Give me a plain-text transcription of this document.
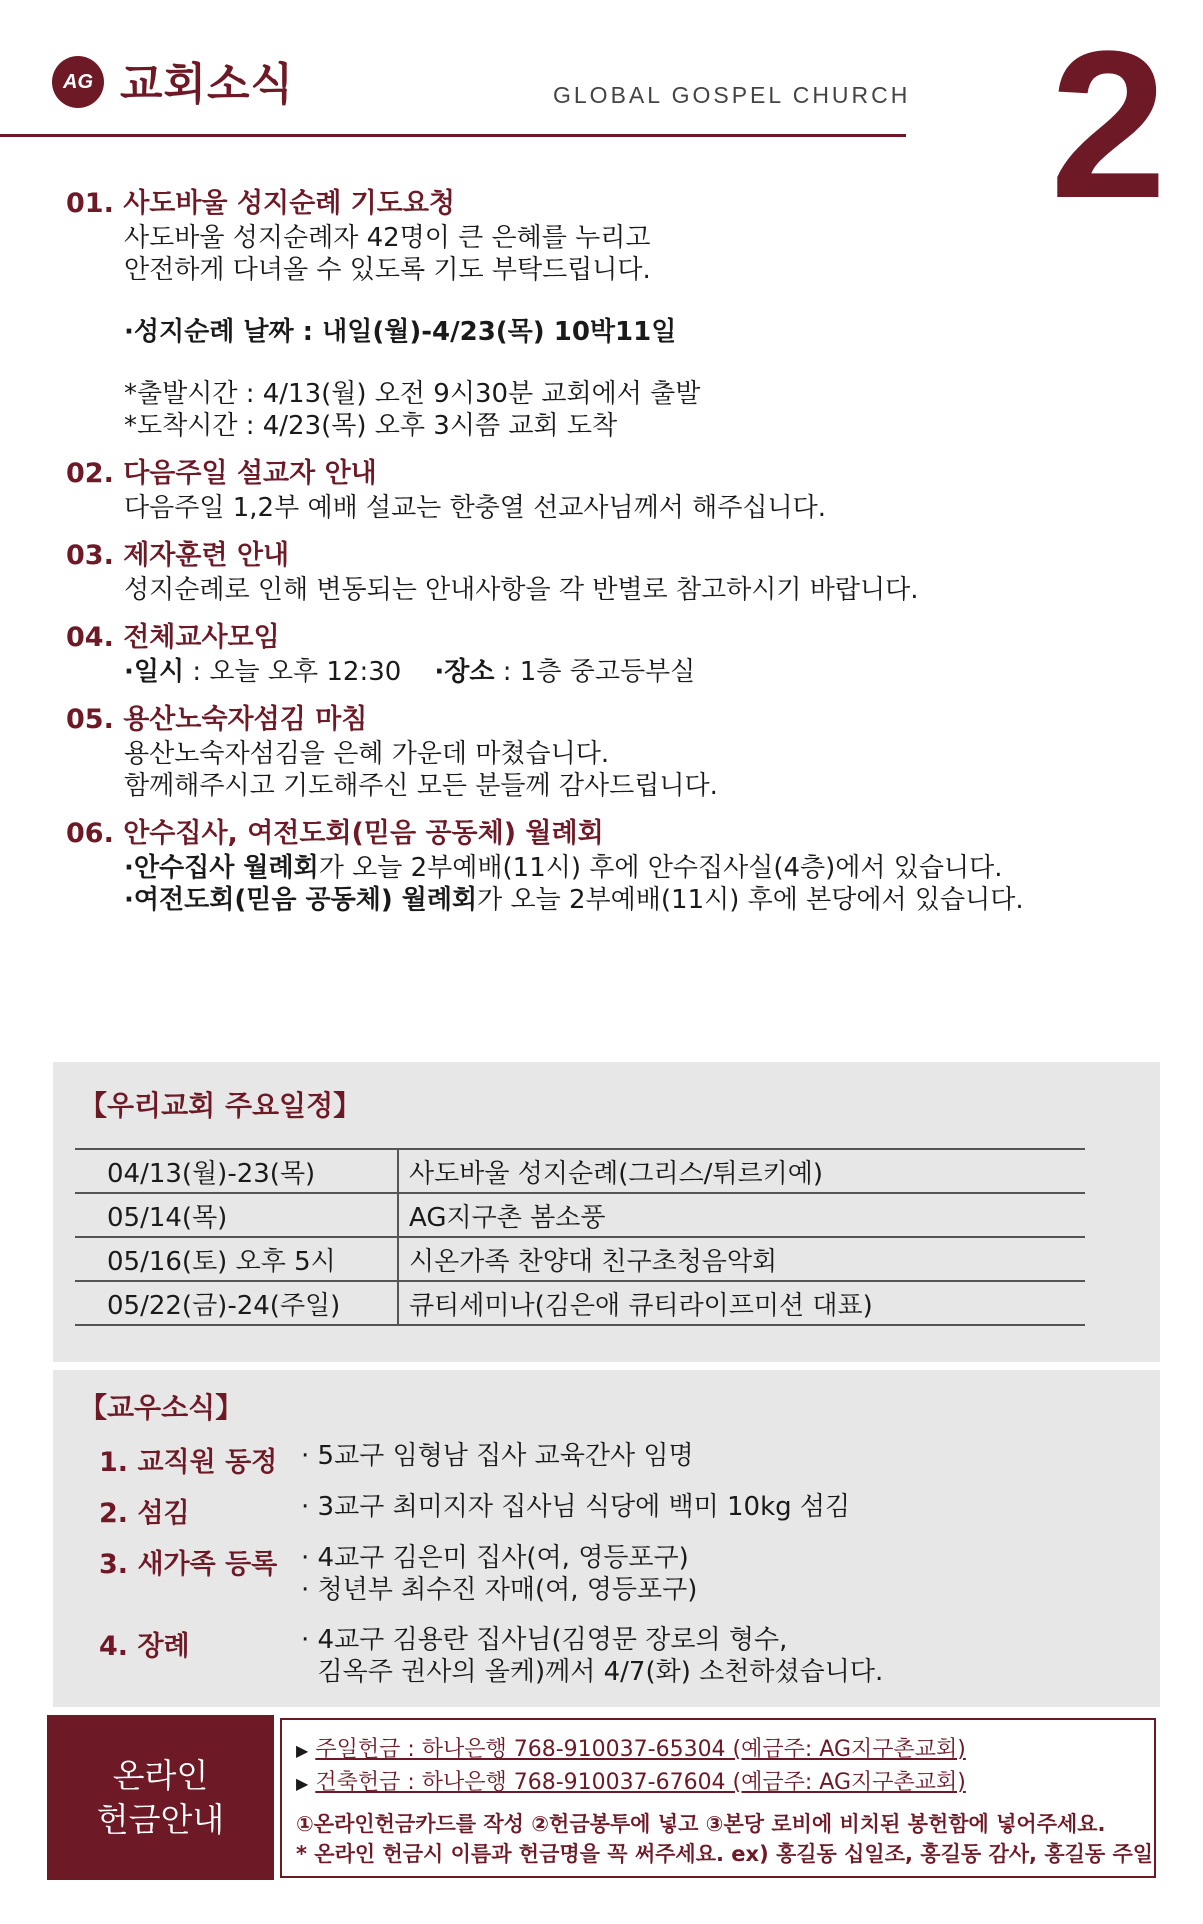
AG 교회소식	GLOBAL GOSPEL CHURCH 2
01. 사도바울 성지순례 기도요청
사도바울 성지순례자 42명이 큰 은혜를 누리고
안전하게 다녀올 수 있도록 기도 부탁드립니다.
·성지순례 날짜 : 내일(월)-4/23(목) 10박11일
*출발시간 : 4/13(월) 오전 9시30분 교회에서 출발
*도착시간 : 4/23(목) 오후 3시쯤 교회 도착
02. 다음주일 설교자 안내
다음주일 1,2부 예배 설교는 한충열 선교사님께서 해주십니다.
03. 제자훈련 안내
성지순례로 인해 변동되는 안내사항을 각 반별로 참고하시기 바랍니다.
04. 전체교사모임
·일시 : 오늘 오후 12:30 ·장소 : 1층 중고등부실
05. 용산노숙자섬김 마침
용산노숙자섬김을 은혜 가운데 마쳤습니다.
함께해주시고 기도해주신 모든 분들께 감사드립니다.
06. 안수집사, 여전도회(믿음 공동체) 월례회
·안수집사 월례회가 오늘 2부예배(11시) 후에 안수집사실(4층)에서 있습니다.
·여전도회(믿음 공동체) 월례회가 오늘 2부예배(11시) 후에 본당에서 있습니다.
【우리교회 주요일정】
04/13(월)-23(목)	사도바울 성지순례(그리스/튀르키예)
05/14(목)	AG지구촌 봄소풍
05/16(토) 오후 5시	시온가족 찬양대 친구초청음악회
05/22(금)-24(주일)	큐티세미나(김은애 큐티라이프미션 대표)
【교우소식】
1. 교직원 동정 · 5교구 임형남 집사 교육간사 임명
2. 섬김	· 3교구 최미지자 집사님 식당에 백미 10kg 섬김
3. 새가족 등록 · 4교구 김은미 집사(여, 영등포구)
· 청년부 최수진 자매(여, 영등포구)
4. 장례	· 4교구 김용란 집사님(김영문 장로의 형수,
김옥주 권사의 올케)께서 4/7(화) 소천하셨습니다.
온라인
헌금안내
▶ 주일헌금 : 하나은행 768-910037-65304 (예금주: AG지구촌교회)
▶ 건축헌금 : 하나은행 768-910037-67604 (예금주: AG지구촌교회)
①온라인헌금카드를 작성 ②헌금봉투에 넣고 ③본당 로비에 비치된 봉헌함에 넣어주세요.
* 온라인 헌금시 이름과 헌금명을 꼭 써주세요. ex) 홍길동 십일조, 홍길동 감사, 홍길동 주일
